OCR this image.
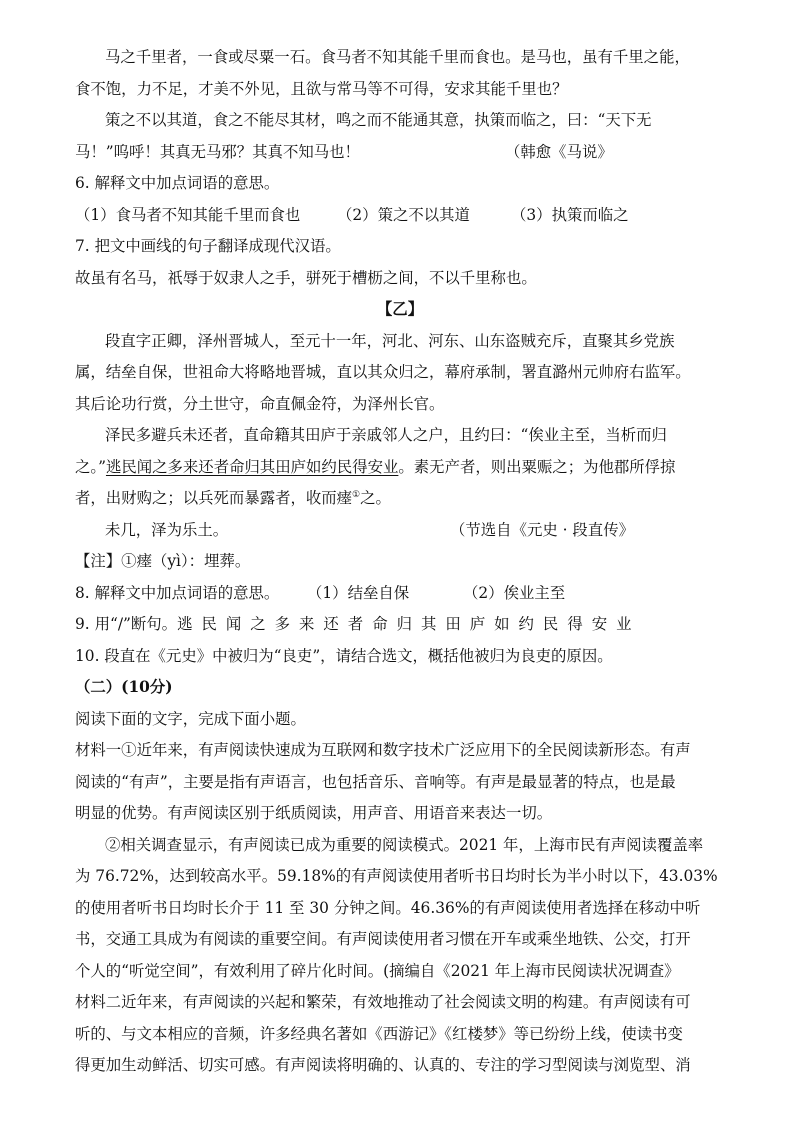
马之千里者，一食或尽粟一石。食马者不知其能千里而食也。是马也，虽有千里之能，

食不饱，力不足，才美不外见，且欲与常马等不可得，安求其能千里也？

策之不以其道，食之不能尽其材，鸣之而不能通其意，执策而临之，曰：“天下无

马！”呜呼！其真无马邪？其真不知马也！	（韩愈《马说》

6. 解释文中加点词语的意思。

（1）食马者不知其能千里而食也 （2）策之不以其道	（3）执策而临之

7. 把文中画线的句子翻译成现代汉语。

故虽有名马，祇辱于奴隶人之手，骈死于槽枥之间，不以千里称也。

【乙】

段直字正卿，泽州晋城人，至元十一年，河北、河东、山东盗贼充斥，直聚其乡党族

属，结垒自保，世祖命大将略地晋城，直以其众归之，幕府承制，署直潞州元帅府右监军。

其后论功行赏，分土世守，命直佩金符，为泽州长官。

泽民多避兵未还者，直命籍其田庐于亲戚邻人之户，且约曰：“俟业主至，当析而归

之。”逃民闻之多来还者命归其田庐如约民得安业。素无产者，则出粟赈之；为他郡所俘掠

者，出财购之；以兵死而暴露者，收而瘗①之。

未几，泽为乐土。	（节选自《元史 · 段直传》

【注】①瘗（yì）：埋葬。

8. 解释文中加点词语的意思。 （1）结垒自保	（2）俟业主至

9. 用“/”断句。逃民闻之多来还者命归其田庐如约民得安业

10. 段直在《元史》中被归为“良吏”，请结合选文，概括他被归为良吏的原因。

（二）(10分)

阅读下面的文字，完成下面小题。

材料一①近年来，有声阅读快速成为互联网和数字技术广泛应用下的全民阅读新形态。有声

阅读的“有声”，主要是指有声语言，也包括音乐、音响等。有声是最显著的特点，也是最

明显的优势。有声阅读区别于纸质阅读，用声音、用语音来表达一切。

②相关调查显示，有声阅读已成为重要的阅读模式。2021 年，上海市民有声阅读覆盖率

为 76.72%，达到较高水平。59.18%的有声阅读使用者听书日均时长为半小时以下，43.03%

的使用者听书日均时长介于 11 至 30 分钟之间。46.36%的有声阅读使用者选择在移动中听

书，交通工具成为有阅读的重要空间。有声阅读使用者习惯在开车或乘坐地铁、公交，打开

个人的“听觉空间”，有效利用了碎片化时间。(摘编自《2021 年上海市民阅读状况调查》

材料二近年来，有声阅读的兴起和繁荣，有效地推动了社会阅读文明的构建。有声阅读有可

听的、与文本相应的音频，许多经典名著如《西游记》《红楼梦》等已纷纷上线，使读书变

得更加生动鲜活、切实可感。有声阅读将明确的、认真的、专注的学习型阅读与浏览型、消
